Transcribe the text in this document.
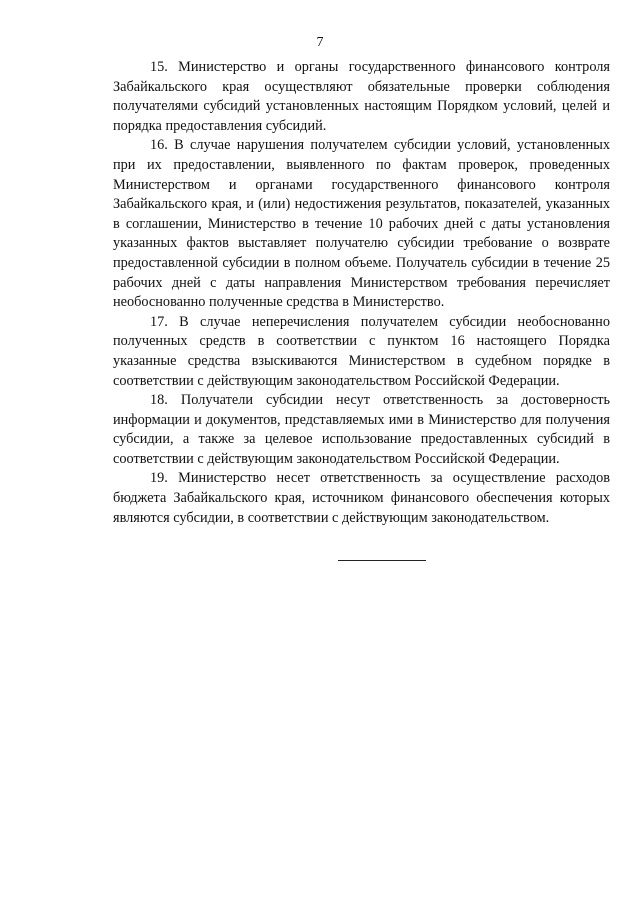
7

15. Министерство и органы государственного финансового контроля Забайкальского края осуществляют обязательные проверки соблюдения получателями субсидий установленных настоящим Порядком условий, целей и порядка предоставления субсидий.

16. В случае нарушения получателем субсидии условий, установленных при их предоставлении, выявленного по фактам проверок, проведенных Министерством и органами государственного финансового контроля Забайкальского края, и (или) недостижения результатов, показателей, указанных в соглашении, Министерство в течение 10 рабочих дней с даты установления указанных фактов выставляет получателю субсидии требование о возврате предоставленной субсидии в полном объеме. Получатель субсидии в течение 25 рабочих дней с даты направления Министерством требования перечисляет необоснованно полученные средства в Министерство.

17. В случае неперечисления получателем субсидии необоснованно полученных средств в соответствии с пунктом 16 настоящего Порядка указанные средства взыскиваются Министерством в судебном порядке в соответствии с действующим законодательством Российской Федерации.

18. Получатели субсидии несут ответственность за достоверность информации и документов, представляемых ими в Министерство для получения субсидии, а также за целевое использование предоставленных субсидий в соответствии с действующим законодательством Российской Федерации.

19. Министерство несет ответственность за осуществление расходов бюджета Забайкальского края, источником финансового обеспечения которых являются субсидии, в соответствии с действующим законодательством.
